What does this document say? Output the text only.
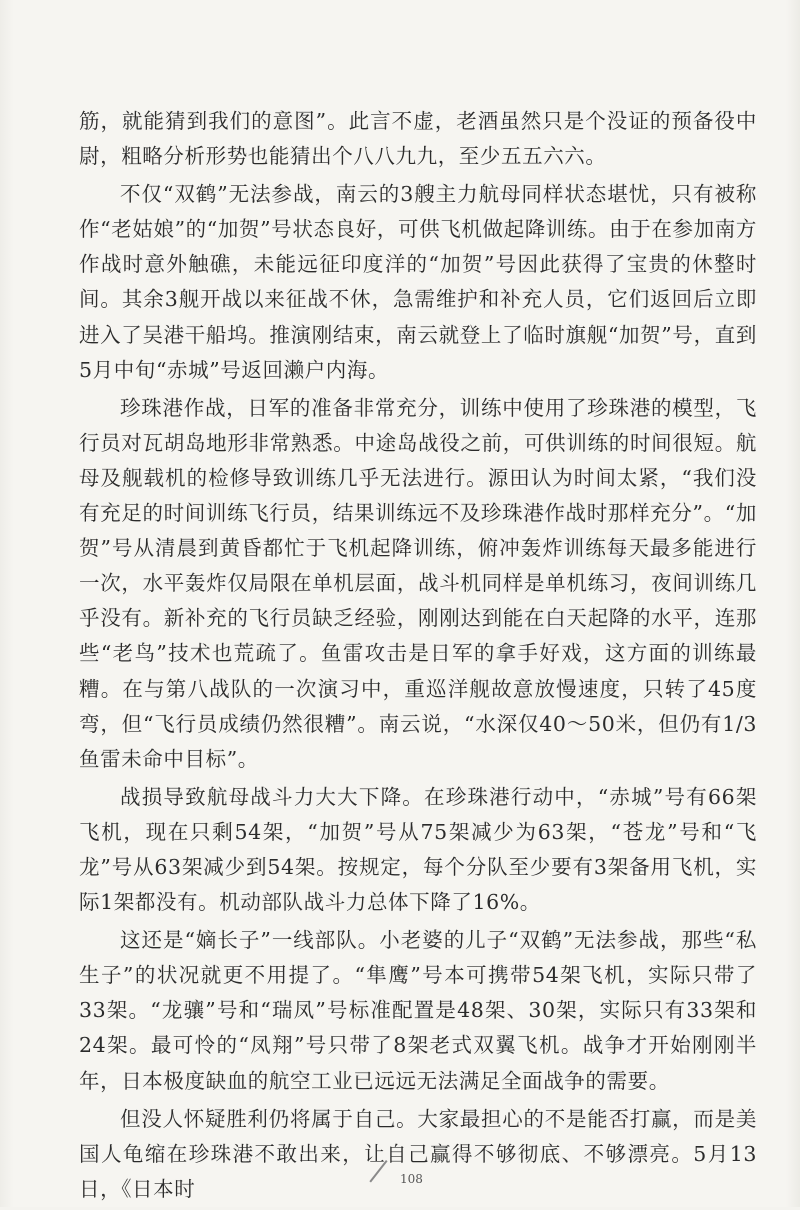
筋，就能猜到我们的意图”。此言不虚，老酒虽然只是个没证的预备役中尉，粗略分析形势也能猜出个八八九九，至少五五六六。

不仅“双鹤”无法参战，南云的3艘主力航母同样状态堪忧，只有被称作“老姑娘”的“加贺”号状态良好，可供飞机做起降训练。由于在参加南方作战时意外触礁，未能远征印度洋的“加贺”号因此获得了宝贵的休整时间。其余3舰开战以来征战不休，急需维护和补充人员，它们返回后立即进入了吴港干船坞。推演刚结束，南云就登上了临时旗舰“加贺”号，直到5月中旬“赤城”号返回濑户内海。

珍珠港作战，日军的准备非常充分，训练中使用了珍珠港的模型，飞行员对瓦胡岛地形非常熟悉。中途岛战役之前，可供训练的时间很短。航母及舰载机的检修导致训练几乎无法进行。源田认为时间太紧，“我们没有充足的时间训练飞行员，结果训练远不及珍珠港作战时那样充分”。“加贺”号从清晨到黄昏都忙于飞机起降训练，俯冲轰炸训练每天最多能进行一次，水平轰炸仅局限在单机层面，战斗机同样是单机练习，夜间训练几乎没有。新补充的飞行员缺乏经验，刚刚达到能在白天起降的水平，连那些“老鸟”技术也荒疏了。鱼雷攻击是日军的拿手好戏，这方面的训练最糟。在与第八战队的一次演习中，重巡洋舰故意放慢速度，只转了45度弯，但“飞行员成绩仍然很糟”。南云说，“水深仅40～50米，但仍有1/3鱼雷未命中目标”。

战损导致航母战斗力大大下降。在珍珠港行动中，“赤城”号有66架飞机，现在只剩54架，“加贺”号从75架减少为63架，“苍龙”号和“飞龙”号从63架减少到54架。按规定，每个分队至少要有3架备用飞机，实际1架都没有。机动部队战斗力总体下降了16%。

这还是“嫡长子”一线部队。小老婆的儿子“双鹤”无法参战，那些“私生子”的状况就更不用提了。“隼鹰”号本可携带54架飞机，实际只带了33架。“龙骧”号和“瑞凤”号标准配置是48架、30架，实际只有33架和24架。最可怜的“凤翔”号只带了8架老式双翼飞机。战争才开始刚刚半年，日本极度缺血的航空工业已远远无法满足全面战争的需要。

但没人怀疑胜利仍将属于自己。大家最担心的不是能否打赢，而是美国人龟缩在珍珠港不敢出来，让自己赢得不够彻底、不够漂亮。5月13日，《日本时	108
